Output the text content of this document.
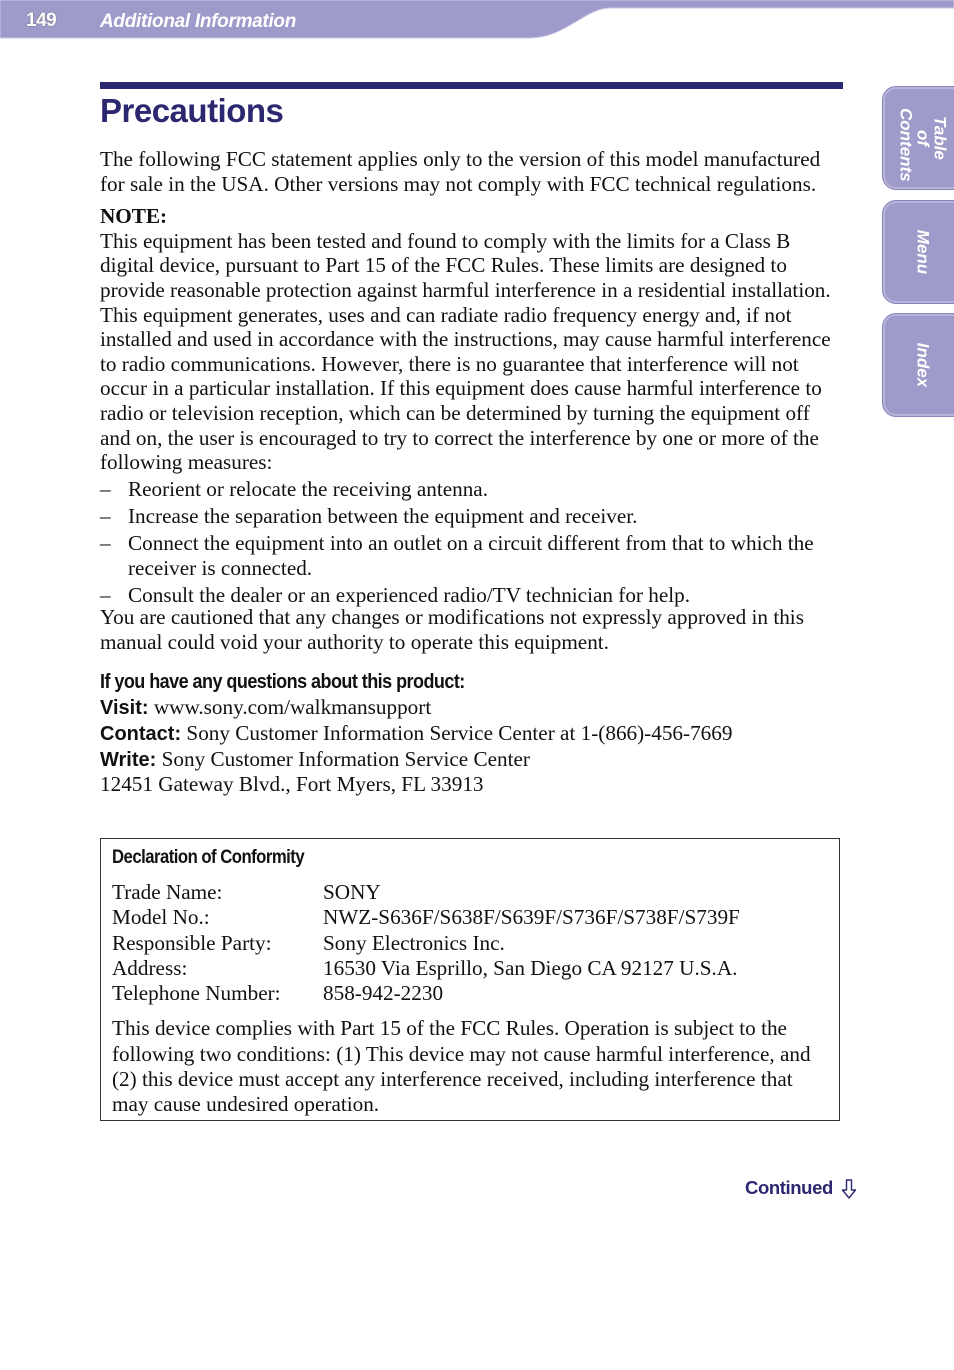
149 Additional Information
Table of Contents
Menu
Index
Precautions

The following FCC statement applies only to the version of this model manufactured for sale in the USA. Other versions may not comply with FCC technical regulations.

NOTE:

This equipment has been tested and found to comply with the limits for a Class B digital device, pursuant to Part 15 of the FCC Rules. These limits are designed to provide reasonable protection against harmful interference in a residential installation. This equipment generates, uses and can radiate radio frequency energy and, if not installed and used in accordance with the instructions, may cause harmful interference to radio communications. However, there is no guarantee that interference will not occur in a particular installation. If this equipment does cause harmful interference to radio or television reception, which can be determined by turning the equipment off and on, the user is encouraged to try to correct the interference by one or more of the following measures:

– Reorient or relocate the receiving antenna.
– Increase the separation between the equipment and receiver.
– Connect the equipment into an outlet on a circuit different from that to which the receiver is connected.
– Consult the dealer or an experienced radio/TV technician for help.

You are cautioned that any changes or modifications not expressly approved in this manual could void your authority to operate this equipment.

If you have any questions about this product:

Visit: www.sony.com/walkmansupport

Contact: Sony Customer Information Service Center at 1-(866)-456-7669

Write: Sony Customer Information Service Center

12451 Gateway Blvd., Fort Myers, FL 33913

Declaration of Conformity

Trade Name:	SONY
Model No.:	NWZ-S636F/S638F/S639F/S736F/S738F/S739F
Responsible Party:	Sony Electronics Inc.
Address:	16530 Via Esprillo, San Diego CA 92127 U.S.A.
Telephone Number:	858-942-2230

This device complies with Part 15 of the FCC Rules. Operation is subject to the following two conditions: (1) This device may not cause harmful interference, and (2) this device must accept any interference received, including interference that may cause undesired operation.

Continued
